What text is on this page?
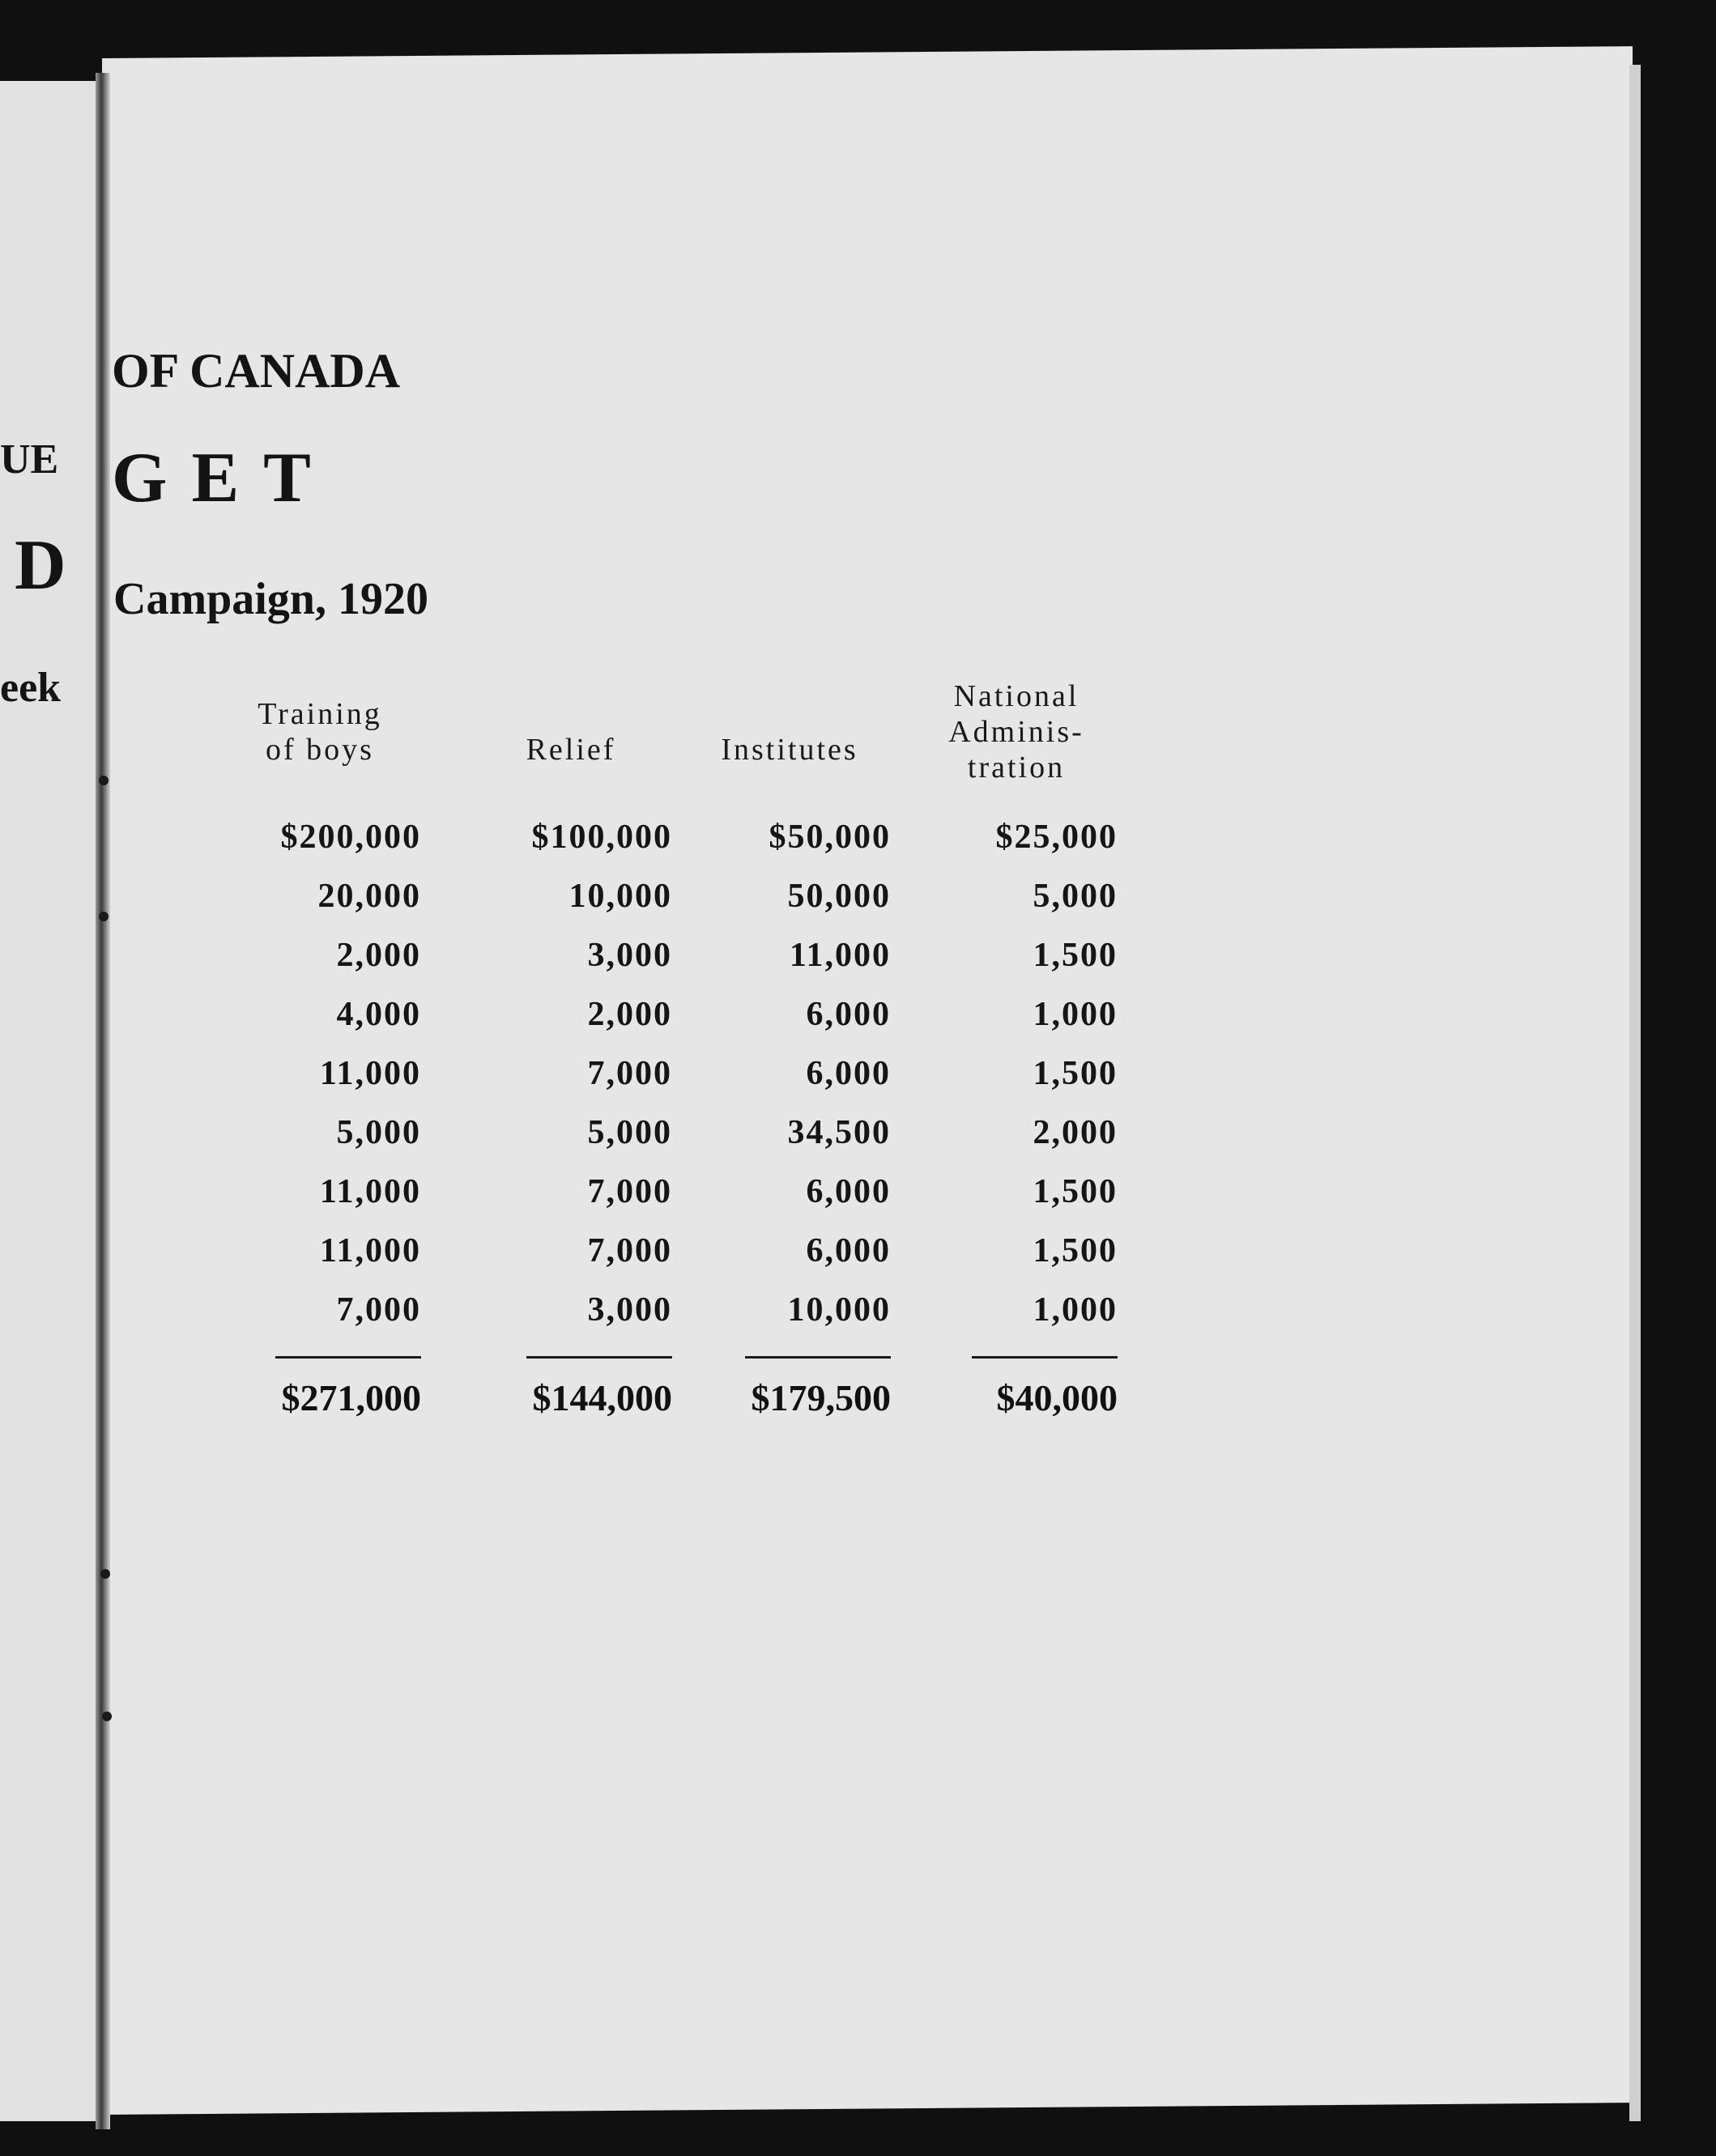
UE
D
eek
OF CANADA
GET
Campaign, 1920
Training
of boys
$200,000
20,000
2,000
4,000
11,000
5,000
11,000
11,000
7,000
$271,000
Relief
$100,000
10,000
3,000
2,000
7,000
5,000
7,000
7,000
3,000
$144,000
Institutes
$50,000
50,000
11,000
6,000
6,000
34,500
6,000
6,000
10,000
$179,500
National
Adminis-
tration
$25,000
5,000
1,500
1,000
1,500
2,000
1,500
1,500
1,000
$40,000
